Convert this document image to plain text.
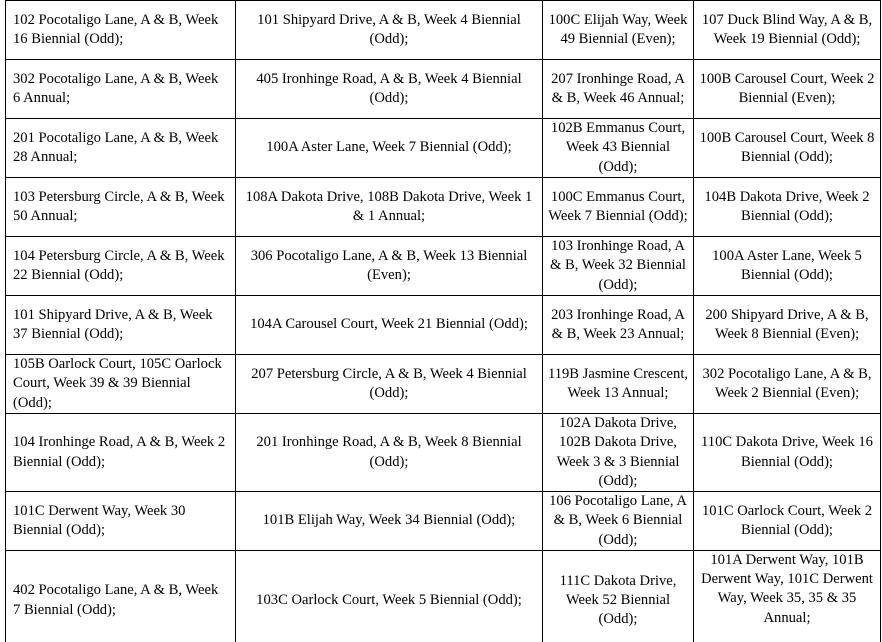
102 Pocotaligo Lane, A & B, Week 16 Biennial (Odd);	101 Shipyard Drive, A & B, Week 4 Biennial (Odd);	100C Elijah Way, Week 49 Biennial (Even);	107 Duck Blind Way, A & B, Week 19 Biennial (Odd);
302 Pocotaligo Lane, A & B, Week 6 Annual;	405 Ironhinge Road, A & B, Week 4 Biennial (Odd);	207 Ironhinge Road, A & B, Week 46 Annual;	100B Carousel Court, Week 2 Biennial (Even);
201 Pocotaligo Lane, A & B, Week 28 Annual;	100A Aster Lane, Week 7 Biennial (Odd);	102B Emmanus Court, Week 43 Biennial (Odd);	100B Carousel Court, Week 8 Biennial (Odd);
103 Petersburg Circle, A & B, Week 50 Annual;	108A Dakota Drive, 108B Dakota Drive, Week 1 & 1 Annual;	100C Emmanus Court, Week 7 Biennial (Odd);	104B Dakota Drive, Week 2 Biennial (Odd);
104 Petersburg Circle, A & B, Week 22 Biennial (Odd);	306 Pocotaligo Lane, A & B, Week 13 Biennial (Even);	103 Ironhinge Road, A & B, Week 32 Biennial (Odd);	100A Aster Lane, Week 5 Biennial (Odd);
101 Shipyard Drive, A & B, Week 37 Biennial (Odd);	104A Carousel Court, Week 21 Biennial (Odd);	203 Ironhinge Road, A & B, Week 23 Annual;	200 Shipyard Drive, A & B, Week 8 Biennial (Even);
105B Oarlock Court, 105C Oarlock Court, Week 39 & 39 Biennial (Odd);	207 Petersburg Circle, A & B, Week 4 Biennial (Odd);	119B Jasmine Crescent, Week 13 Annual;	302 Pocotaligo Lane, A & B, Week 2 Biennial (Even);
104 Ironhinge Road, A & B, Week 2 Biennial (Odd);	201 Ironhinge Road, A & B, Week 8 Biennial (Odd);	102A Dakota Drive, 102B Dakota Drive, Week 3 & 3 Biennial (Odd);	110C Dakota Drive, Week 16 Biennial (Odd);
101C Derwent Way, Week 30 Biennial (Odd);	101B Elijah Way, Week 34 Biennial (Odd);	106 Pocotaligo Lane, A & B, Week 6 Biennial (Odd);	101C Oarlock Court, Week 2 Biennial (Odd);
402 Pocotaligo Lane, A & B, Week 7 Biennial (Odd);	103C Oarlock Court, Week 5 Biennial (Odd);	111C Dakota Drive, Week 52 Biennial (Odd);	101A Derwent Way, 101B Derwent Way, 101C Derwent Way, Week 35, 35 & 35 Annual;
